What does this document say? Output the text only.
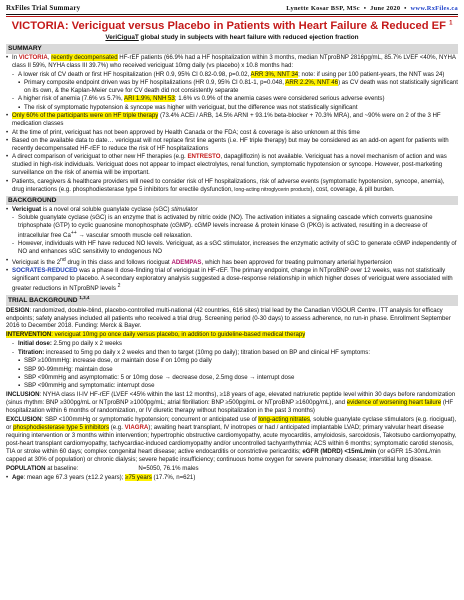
RxFiles Trial Summary	Lynette Kosar BSP, MSc  •  June 2020  •  www.RxFiles.ca
VICTORIA: Vericiguat versus Placebo in Patients with Heart Failure & Reduced EF $^1$
VeriCiguaT global study in subjects with heart failure with reduced ejection fraction
SUMMARY
• In VICTORIA, recently decompensated HF-rEF patients (66.9% had a HF hospitalization within 3 months, median NTproBNP 2816pg/mL, 85.7% LVEF <40%, NYHA class II 59%, NYHA class III 39.7%) who received vericiguat 10mg daily (vs placebo) x 10.8 months had:
- A lower risk of CV death or first HF hospitalization (HR 0.9, 95% CI 0.82-0.98, p=0.02, ARR 3%, NNT 34; note: if using per 100 patient-years, the NNT was 24)
▪ Primary composite endpoint driven was by HF hospitalizations (HR 0.9, 95% CI 0.81-1, p=0.048, ARR 2.2%, NNT 46) as CV death was not statistically significant on its own, & the Kaplan-Meier curve for CV death did not consistently separate
- A higher risk of anemia (7.6% vs 5.7%, ARI 1.9%, NNH 53; 1.6% vs 0.9% of the anemia cases were considered serious adverse events)
▪ The risk of symptomatic hypotension & syncope was higher with vericiguat, but the difference was not statistically significant
• Only 60% of the participants were on HF triple therapy (73.4% ACEi / ARB, 14.5% ARNI + 93.1% beta-blocker + 70.3% MRA), and ~90% were on 2 of the 3 HF medication classes
• At the time of print, vericiguat has not been approved by Health Canada or the FDA; cost & coverage is also unknown at this time
• Based on the available data to date… vericiguat will not replace first line agents (i.e. HF triple therapy) but may be considered as an add-on agent for patients with recently decompensated HF-rEF to reduce the risk of HF hospitalizations
• A direct comparison of vericiguat to other new HF therapies (e.g. ENTRESTO, dapagliflozin) is not available. Vericiguat has a novel mechanism of action and was studied in high-risk individuals. Vericiguat does not appear to impact electrolytes, renal function, symptomatic hypotension or syncope. However, post-marketing surveillance on the risk of anemia will be important.
• Patients, caregivers & healthcare providers will need to consider risk of HF hospitalizations, risk of adverse events (symptomatic hypotension, syncope, anemia), drug interactions (e.g. phosphodiesterase type 5 inhibitors for erectile dysfunction, long-acting nitroglycerin products), cost, coverage, & pill burden.
BACKGROUND
• Vericiguat is a novel oral soluble guanylate cyclase (sGC) stimulator
- Soluble guanylate cyclase (sGC) is an enzyme that is activated by nitric oxide (NO). The activation initiates a signaling cascade which converts guanosine triphosphate (GTP) to cyclic guanosine monophosphate (cGMP). cGMP levels increase & protein kinase G (PKG) is activated, resulting in a decrease of intracellular free Ca++ → vascular smooth muscle cell relaxation.
- However, individuals with HF have reduced NO levels. Vericiguat, as a sGC stimulator, increases the enzymatic activity of sGC to generate cGMP independently of NO and enhances sGC sensitivity to endogenous NO
• Vericiguat is the 2nd drug in this class and follows riociguat ADEMPAS, which has been approved for treating pulmonary arterial hypertension
• SOCRATES-REDUCED was a phase II dose-finding trial of vericiguat in HF-rEF. The primary endpoint, change in NTproBNP over 12 weeks, was not statistically significant compared to placebo. A secondary exploratory analysis suggested a dose-response relationship in which higher doses of vericiguat were associated with greater reductions in NTproBNP levels $^2$
TRIAL BACKGROUND $^{1,3,4}$

DESIGN: randomized, double-blind, placebo-controlled multi-national (42 countries, 616 sites) trial lead by the Canadian VIGOUR Centre. ITT analysis for efficacy endpoints; safety analyses included all patients who received a trial drug. Screening period (0-30 days) to assess adherence, no run-in phase. Enrollment September 2016 to December 2018. Funding: Merck & Bayer.

INTERVENTION: vericiguat 10mg po once daily versus placebo, in addition to guideline-based medical therapy

- Initial dose: 2.5mg po daily x 2 weeks
- Titration: increased to 5mg po daily x 2 weeks and then to target (10mg po daily); titration based on BP and clinical HF symptoms:
▪ SBP ≥100mmHg: increase dose, or maintain dose if on 10mg po daily
▪ SBP 90-99mmHg: maintain dose
▪ SBP <90mmHg and asymptomatic: 5 or 10mg dose → decrease dose, 2.5mg dose → interrupt dose
▪ SBP <90mmHg and symptomatic: interrupt dose

INCLUSION: NYHA class II-IV HF-rEF (LVEF <45% within the last 12 months), ≥18 years of age, elevated natriuretic peptide level within 30 days before randomization (sinus rhythm: BNP ≥300pg/mL or NTproBNP ≥1000pg/mL; atrial fibrillation: BNP ≥500pg/mL or NTproBNP ≥1600pg/mL), and evidence of worsening heart failure (HF hospitalization within 6 months of randomization, or IV diuretic therapy without hospitalization in the past 3 months)

EXCLUSION: SBP <100mmHg or symptomatic hypotension; concurrent or anticipated use of long-acting nitrates, soluble guanylate cyclase stimulators (e.g. riociguat), or phosphodiesterase type 5 inhibitors (e.g. VIAGRA); awaiting heart transplant, IV inotropes or had / anticipated implantable LVAD; primary valvular heart disease requiring intervention or 3 months within intervention; hypertrophic obstructive cardiomyopathy, acute myocarditis, amyloidosis, sarcoidosis, Takotsubo cardiomyopathy, post-heart transplant cardiomyopathy, tachycardiac-induced cardiomyopathy and/or uncontrolled tachyarrhythmia; ACS within 6 months; symptomatic carotid stenosis, TIA or stroke within 60 days; complex congenital heart disease; active endocarditis or constrictive pericarditis; eGFR (MDRD) <15mL/min (or eGFR 15-30mL/min capped at 30% of population) or chronic dialysis; severe hepatic insufficiency; continuous home oxygen for severe pulmonary disease; interstitial lung disease.

POPULATION at baseline:	N=5050, 76.1% males

• Age: mean age 67.3 years (±12.2 years); ≥75 years (17.7%, n=621)
